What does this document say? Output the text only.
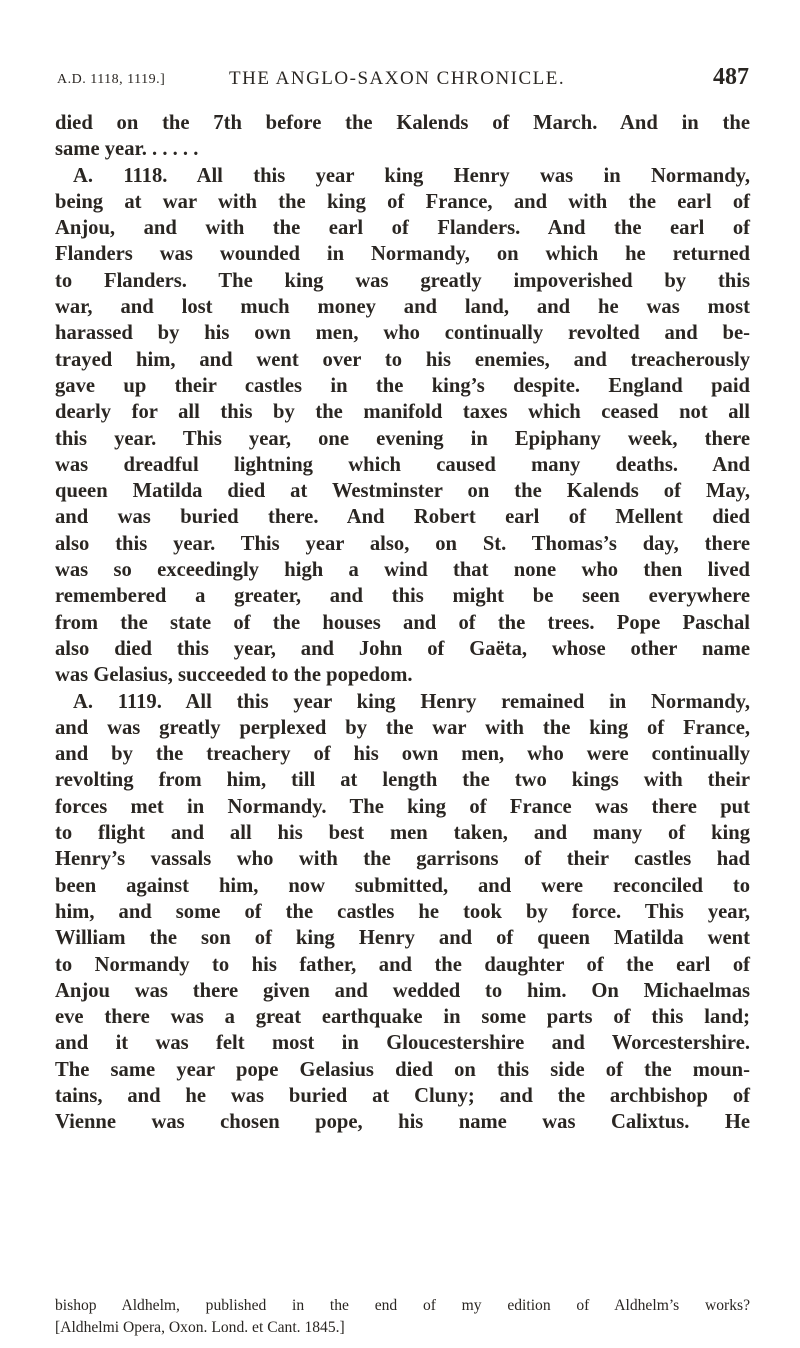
A.D. 1118, 1119.]	THE ANGLO-SAXON CHRONICLE.	487
died on the 7th before the Kalends of March. And in the
same year. . . . . .
A. 1118. All this year king Henry was in Normandy,
being at war with the king of France, and with the earl of
Anjou, and with the earl of Flanders. And the earl of
Flanders was wounded in Normandy, on which he returned
to Flanders. The king was greatly impoverished by this
war, and lost much money and land, and he was most
harassed by his own men, who continually revolted and be-
trayed him, and went over to his enemies, and treacherously
gave up their castles in the king’s despite. England paid
dearly for all this by the manifold taxes which ceased not all
this year. This year, one evening in Epiphany week, there
was dreadful lightning which caused many deaths. And
queen Matilda died at Westminster on the Kalends of May,
and was buried there. And Robert earl of Mellent died
also this year. This year also, on St. Thomas’s day, there
was so exceedingly high a wind that none who then lived
remembered a greater, and this might be seen everywhere
from the state of the houses and of the trees. Pope Paschal
also died this year, and John of Gaëta, whose other name
was Gelasius, succeeded to the popedom.
A. 1119. All this year king Henry remained in Normandy,
and was greatly perplexed by the war with the king of France,
and by the treachery of his own men, who were continually
revolting from him, till at length the two kings with their
forces met in Normandy. The king of France was there put
to flight and all his best men taken, and many of king
Henry’s vassals who with the garrisons of their castles had
been against him, now submitted, and were reconciled to
him, and some of the castles he took by force. This year,
William the son of king Henry and of queen Matilda went
to Normandy to his father, and the daughter of the earl of
Anjou was there given and wedded to him. On Michaelmas
eve there was a great earthquake in some parts of this land;
and it was felt most in Gloucestershire and Worcestershire.
The same year pope Gelasius died on this side of the moun-
tains, and he was buried at Cluny; and the archbishop of
Vienne was chosen pope, his name was Calixtus. He
bishop Aldhelm, published in the end of my edition of Aldhelm’s works?
[Aldhelmi Opera, Oxon. Lond. et Cant. 1845.]
